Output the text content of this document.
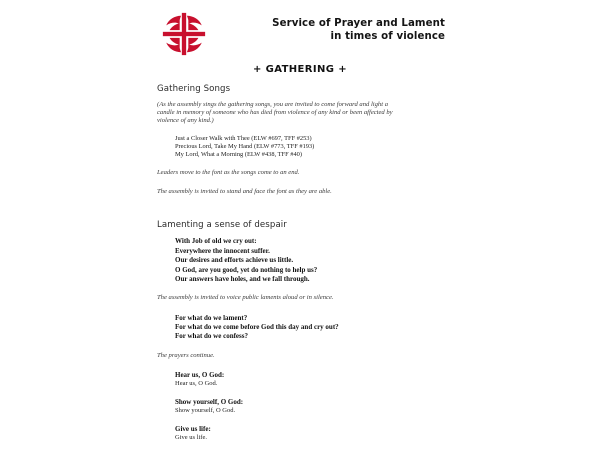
Service of Prayer and Lament
in times of violence
+ GATHERING +
Gathering Songs
(As the assembly sings the gathering songs, you are invited to come forward and light a
candle in memory of someone who has died from violence of any kind or been affected by
violence of any kind.)
Just a Closer Walk with Thee (ELW #697, TFF #253)
Precious Lord, Take My Hand (ELW #773, TFF #193)
My Lord, What a Morning (ELW #438, TFF #40)
Leaders move to the font as the songs come to an end.
The assembly is invited to stand and face the font as they are able.
Lamenting a sense of despair
With Job of old we cry out:
Everywhere the innocent suffer.
Our desires and efforts achieve us little.
O God, are you good, yet do nothing to help us?
Our answers have holes, and we fall through.
The assembly is invited to voice public laments aloud or in silence.
For what do we lament?
For what do we come before God this day and cry out?
For what do we confess?
The prayers continue.
Hear us, O God:
Hear us, O God.
Show yourself, O God:
Show yourself, O God.
Give us life:
Give us life.
